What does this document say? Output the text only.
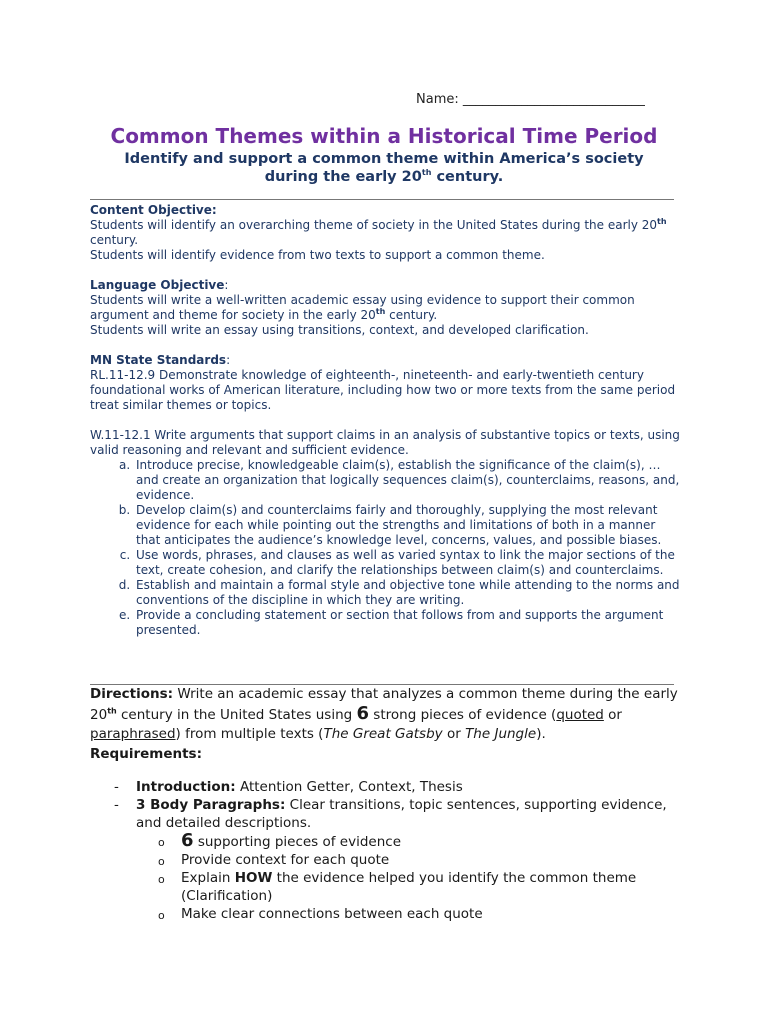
Name: ____________________________
Common Themes within a Historical Time Period
Identify and support a common theme within America’s society
during the early 20th century.
Content Objective:
Students will identify an overarching theme of society in the United States during the early 20th century.
Students will identify evidence from two texts to support a common theme.
Language Objective:
Students will write a well-written academic essay using evidence to support their common argument and theme for society in the early 20th century.
Students will write an essay using transitions, context, and developed clarification.
MN State Standards:
RL.11-12.9 Demonstrate knowledge of eighteenth-, nineteenth- and early-twentieth century foundational works of American literature, including how two or more texts from the same period treat similar themes or topics.
W.11-12.1 Write arguments that support claims in an analysis of substantive topics or texts, using valid reasoning and relevant and sufficient evidence.
a. Introduce precise, knowledgeable claim(s), establish the significance of the claim(s), … and create an organization that logically sequences claim(s), counterclaims, reasons, and, evidence.
b. Develop claim(s) and counterclaims fairly and thoroughly, supplying the most relevant evidence for each while pointing out the strengths and limitations of both in a manner that anticipates the audience’s knowledge level, concerns, values, and possible biases.
c. Use words, phrases, and clauses as well as varied syntax to link the major sections of the text, create cohesion, and clarify the relationships between claim(s) and counterclaims.
d. Establish and maintain a formal style and objective tone while attending to the norms and conventions of the discipline in which they are writing.
e. Provide a concluding statement or section that follows from and supports the argument presented.
Directions: Write an academic essay that analyzes a common theme during the early 20th century in the United States using 6 strong pieces of evidence (quoted or paraphrased) from multiple texts (The Great Gatsby or The Jungle).
Requirements:
- Introduction: Attention Getter, Context, Thesis
- 3 Body Paragraphs: Clear transitions, topic sentences, supporting evidence, and detailed descriptions.
o 6 supporting pieces of evidence
o Provide context for each quote
o Explain HOW the evidence helped you identify the common theme (Clarification)
o Make clear connections between each quote
